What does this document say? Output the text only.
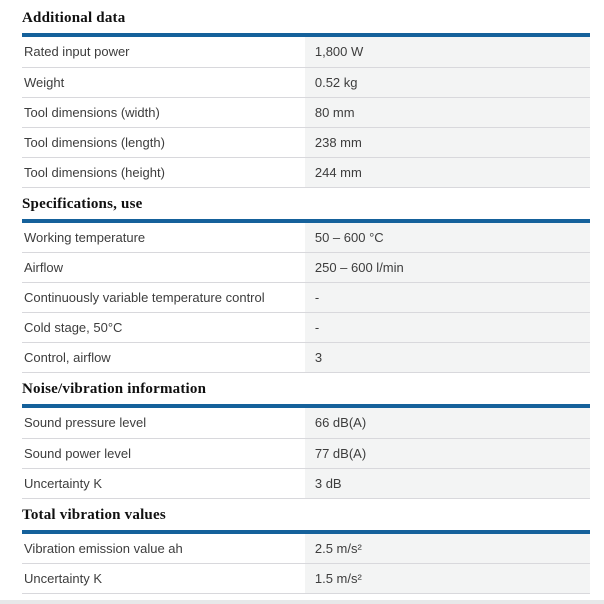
Additional data
Rated input power	1,800 W
Weight	0.52 kg
Tool dimensions (width)	80 mm
Tool dimensions (length)	238 mm
Tool dimensions (height)	244 mm
Specifications, use
Working temperature	50 – 600 °C
Airflow	250 – 600 l/min
Continuously variable temperature control	-
Cold stage, 50°C	-
Control, airflow	3
Noise/vibration information
Sound pressure level	66 dB(A)
Sound power level	77 dB(A)
Uncertainty K	3 dB
Total vibration values
Vibration emission value ah	2.5 m/s²
Uncertainty K	1.5 m/s²
